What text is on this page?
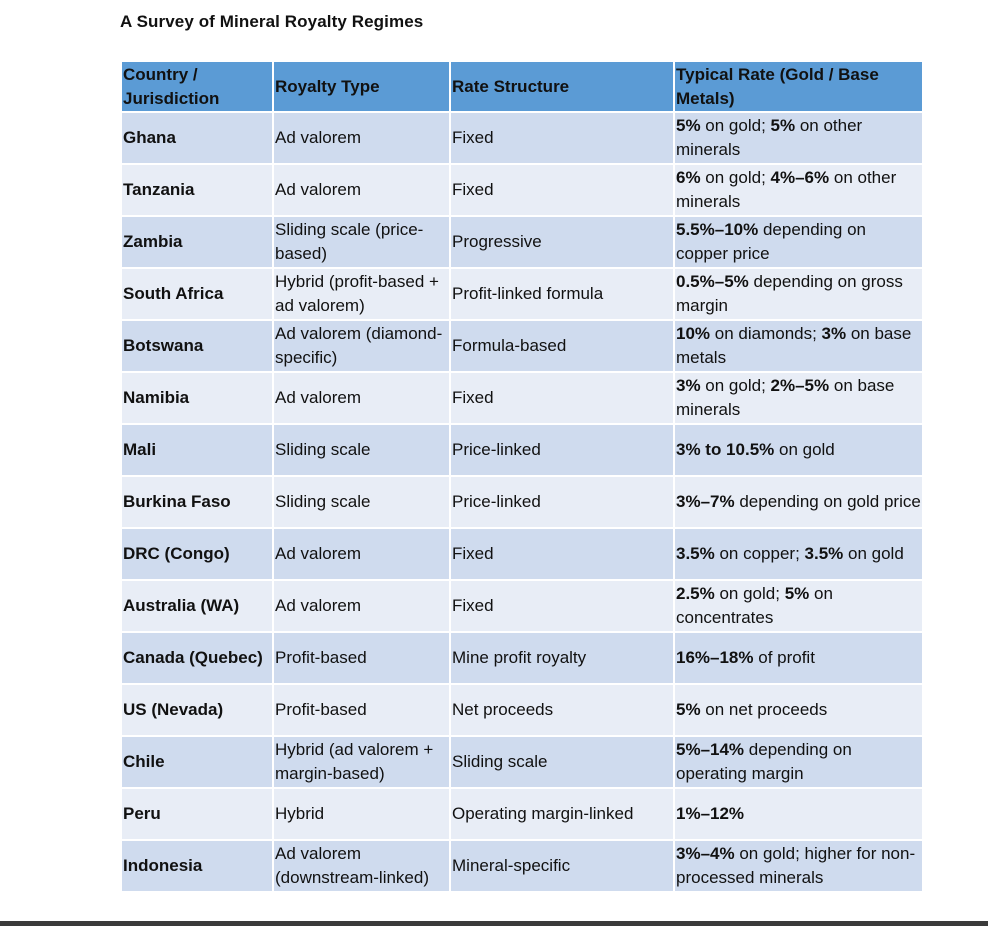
A Survey of Mineral Royalty Regimes
Country / Jurisdiction	Royalty Type	Rate Structure	Typical Rate (Gold / Base Metals)
Ghana	Ad valorem	Fixed	5% on gold; 5% on other minerals
Tanzania	Ad valorem	Fixed	6% on gold; 4%–6% on other minerals
Zambia	Sliding scale (price-based)	Progressive	5.5%–10% depending on copper price
South Africa	Hybrid (profit-based + ad valorem)	Profit-linked formula	0.5%–5% depending on gross margin
Botswana	Ad valorem (diamond-specific)	Formula-based	10% on diamonds; 3% on base metals
Namibia	Ad valorem	Fixed	3% on gold; 2%–5% on base minerals
Mali	Sliding scale	Price-linked	3% to 10.5% on gold
Burkina Faso	Sliding scale	Price-linked	3%–7% depending on gold price
DRC (Congo)	Ad valorem	Fixed	3.5% on copper; 3.5% on gold
Australia (WA)	Ad valorem	Fixed	2.5% on gold; 5% on concentrates
Canada (Quebec)	Profit-based	Mine profit royalty	16%–18% of profit
US (Nevada)	Profit-based	Net proceeds	5% on net proceeds
Chile	Hybrid (ad valorem + margin-based)	Sliding scale	5%–14% depending on operating margin
Peru	Hybrid	Operating margin-linked	1%–12%
Indonesia	Ad valorem (downstream-linked)	Mineral-specific	3%–4% on gold; higher for non-processed minerals
